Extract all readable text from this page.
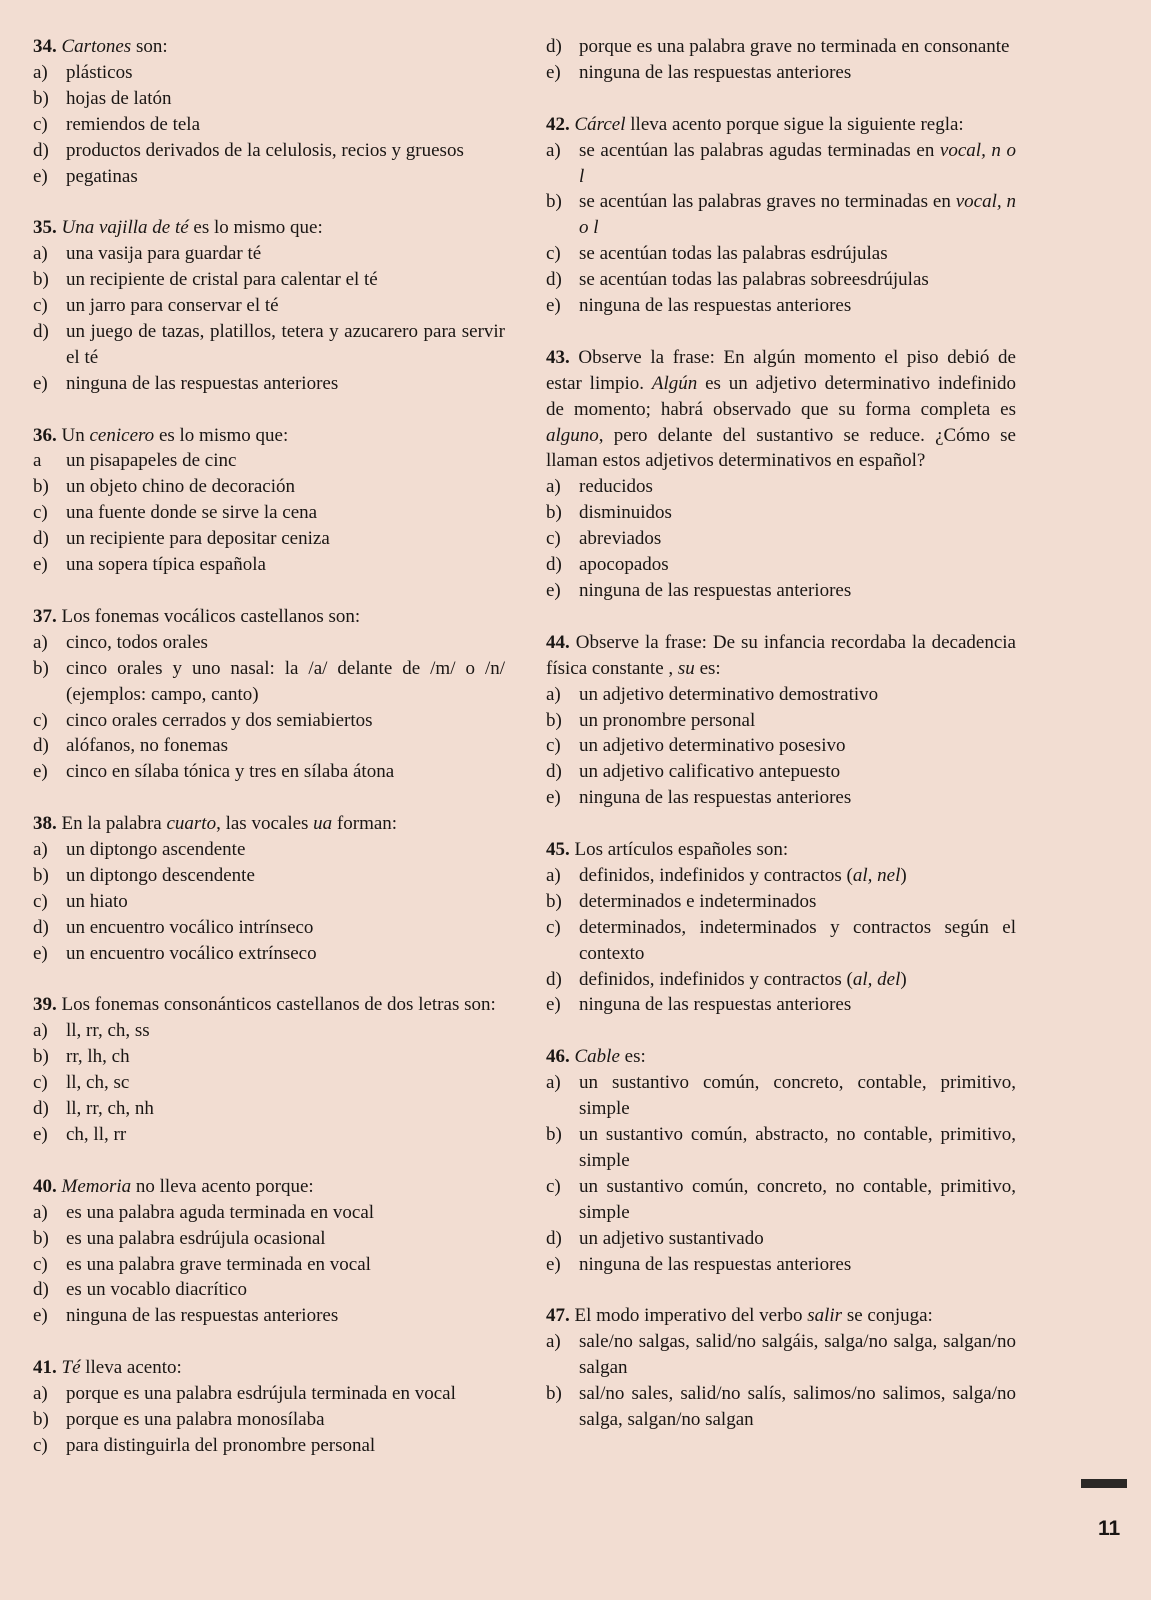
34. Cartones son:
a) plásticos
b) hojas de latón
c) remiendos de tela
d) productos derivados de la celulosis, recios y gruesos
e) pegatinas
35. Una vajilla de té es lo mismo que:
a) una vasija para guardar té
b) un recipiente de cristal para calentar el té
c) un jarro para conservar el té
d) un juego de tazas, platillos, tetera y azucarero para servir el té
e) ninguna de las respuestas anteriores
36. Un cenicero es lo mismo que:
a	un pisapapeles de cinc
b) un objeto chino de decoración
c) una fuente donde se sirve la cena
d) un recipiente para depositar ceniza
e) una sopera típica española
37. Los fonemas vocálicos castellanos son:
a) cinco, todos orales
b) cinco orales y uno nasal: la /a/ delante de /m/ o /n/ (ejemplos: campo, canto)
c) cinco orales cerrados y dos semiabiertos
d) alófanos, no fonemas
e) cinco en sílaba tónica y tres en sílaba átona
38. En la palabra cuarto, las vocales ua forman:
a) un diptongo ascendente
b) un diptongo descendente
c) un hiato
d) un encuentro vocálico intrínseco
e) un encuentro vocálico extrínseco
39. Los fonemas consonánticos castellanos de dos letras son:
a) ll, rr, ch, ss
b) rr, lh, ch
c) ll, ch, sc
d) ll, rr, ch, nh
e) ch, ll, rr
40. Memoria no lleva acento porque:
a) es una palabra aguda terminada en vocal
b) es una palabra esdrújula ocasional
c) es una palabra grave terminada en vocal
d) es un vocablo diacrítico
e) ninguna de las respuestas anteriores
41. Té lleva acento:
a) porque es una palabra esdrújula terminada en vocal
b) porque es una palabra monosílaba
c) para distinguirla del pronombre personal
d) porque es una palabra grave no terminada en consonante
e) ninguna de las respuestas anteriores
42. Cárcel lleva acento porque sigue la siguiente regla:
a) se acentúan las palabras agudas terminadas en vocal, n o l
b) se acentúan las palabras graves no terminadas en vocal, n o l
c) se acentúan todas las palabras esdrújulas
d) se acentúan todas las palabras sobreesdrújulas
e) ninguna de las respuestas anteriores
43. Observe la frase: En algún momento el piso debió de estar limpio. Algún es un adjetivo determinativo indefinido de momento; habrá observado que su forma completa es alguno, pero delante del sustantivo se reduce. ¿Cómo se llaman estos adjetivos determinativos en español?
a) reducidos
b) disminuidos
c) abreviados
d) apocopados
e) ninguna de las respuestas anteriores
44. Observe la frase: De su infancia recordaba la decadencia física constante , su es:
a) un adjetivo determinativo demostrativo
b) un pronombre personal
c) un adjetivo determinativo posesivo
d) un adjetivo calificativo antepuesto
e) ninguna de las respuestas anteriores
45. Los artículos españoles son:
a) definidos, indefinidos y contractos (al, nel)
b) determinados e indeterminados
c) determinados, indeterminados y contractos según el contexto
d) definidos, indefinidos y contractos (al, del)
e) ninguna de las respuestas anteriores
46. Cable es:
a) un sustantivo común, concreto, contable, primitivo, simple
b) un sustantivo común, abstracto, no contable, primitivo, simple
c) un sustantivo común, concreto, no contable, primitivo, simple
d) un adjetivo sustantivado
e) ninguna de las respuestas anteriores
47. El modo imperativo del verbo salir se conjuga:
a) sale/no salgas, salid/no salgáis, salga/no salga, salgan/no salgan
b) sal/no sales, salid/no salís, salimos/no salimos, salga/no salga, salgan/no salgan
11
